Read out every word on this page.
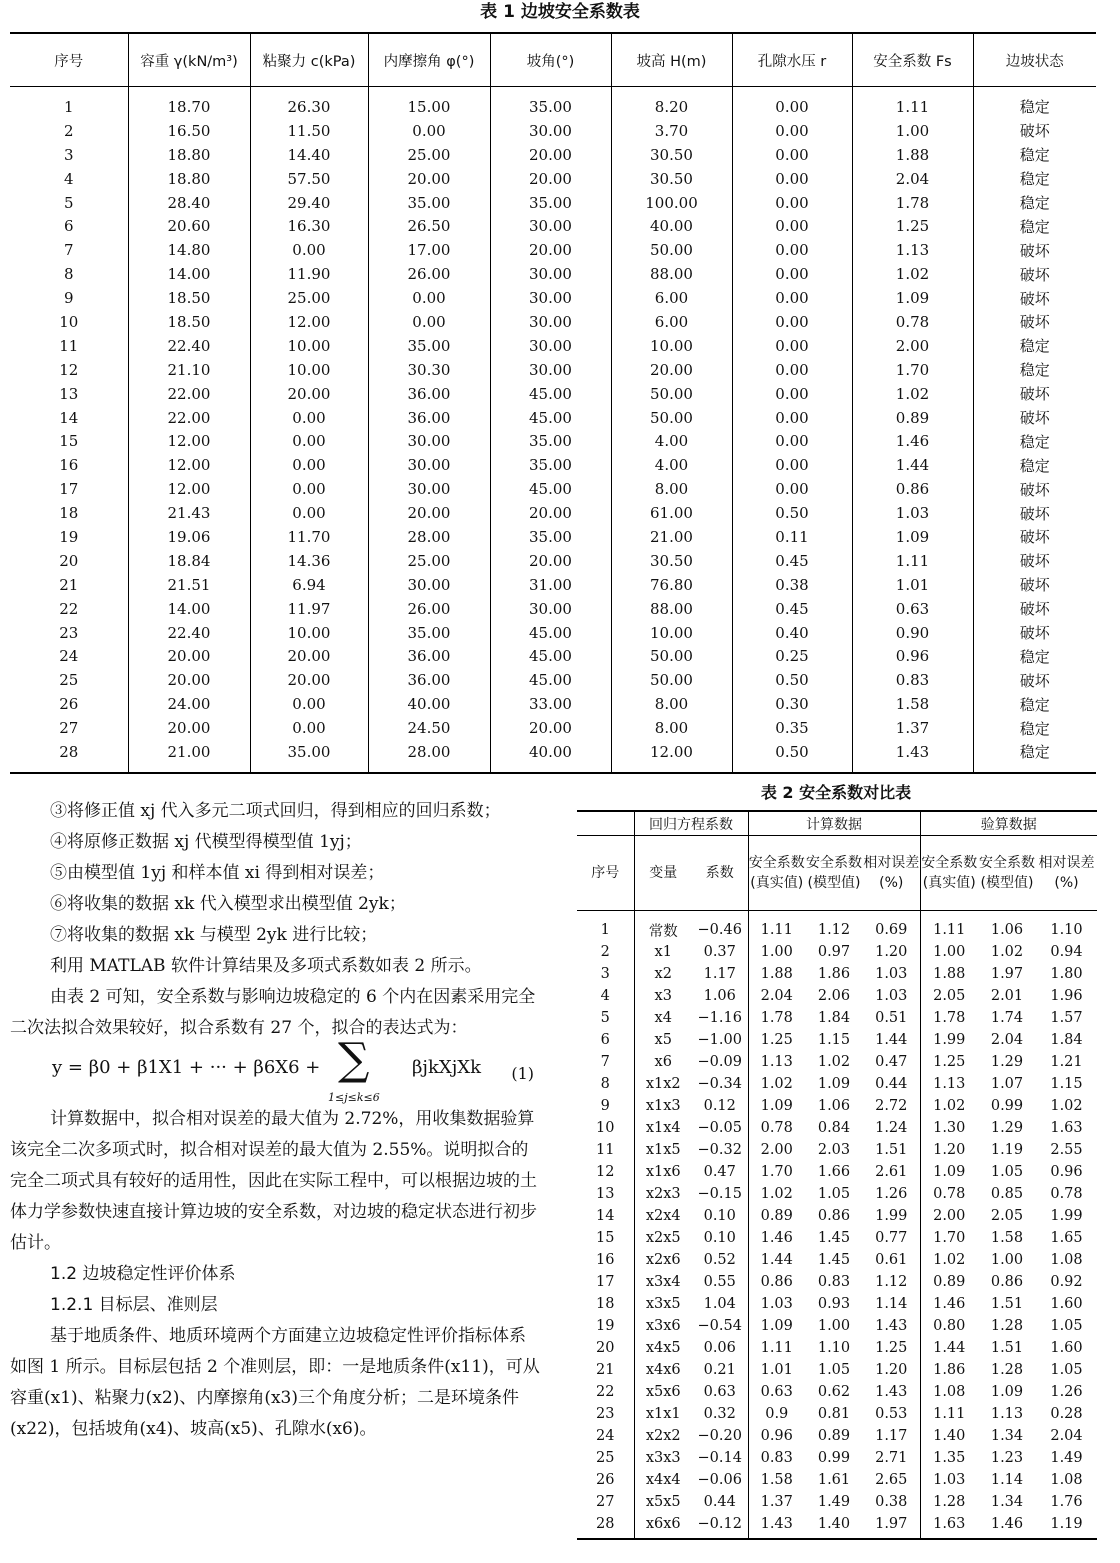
表 1 边坡安全系数表
序号	容重 γ(kN/m³)	粘聚力 c(kPa)	内摩擦角 φ(°)	坡角(°)	坡高 H(m)	孔隙水压 r	安全系数 Fs	边坡状态
1	18.70	26.30	15.00	35.00	8.20	0.00	1.11	稳定
2	16.50	11.50	0.00	30.00	3.70	0.00	1.00	破坏
3	18.80	14.40	25.00	20.00	30.50	0.00	1.88	稳定
4	18.80	57.50	20.00	20.00	30.50	0.00	2.04	稳定
5	28.40	29.40	35.00	35.00	100.00	0.00	1.78	稳定
6	20.60	16.30	26.50	30.00	40.00	0.00	1.25	稳定
7	14.80	0.00	17.00	20.00	50.00	0.00	1.13	破坏
8	14.00	11.90	26.00	30.00	88.00	0.00	1.02	破坏
9	18.50	25.00	0.00	30.00	6.00	0.00	1.09	破坏
10	18.50	12.00	0.00	30.00	6.00	0.00	0.78	破坏
11	22.40	10.00	35.00	30.00	10.00	0.00	2.00	稳定
12	21.10	10.00	30.30	30.00	20.00	0.00	1.70	稳定
13	22.00	20.00	36.00	45.00	50.00	0.00	1.02	破坏
14	22.00	0.00	36.00	45.00	50.00	0.00	0.89	破坏
15	12.00	0.00	30.00	35.00	4.00	0.00	1.46	稳定
16	12.00	0.00	30.00	35.00	4.00	0.00	1.44	稳定
17	12.00	0.00	30.00	45.00	8.00	0.00	0.86	破坏
18	21.43	0.00	20.00	20.00	61.00	0.50	1.03	破坏
19	19.06	11.70	28.00	35.00	21.00	0.11	1.09	破坏
20	18.84	14.36	25.00	20.00	30.50	0.45	1.11	破坏
21	21.51	6.94	30.00	31.00	76.80	0.38	1.01	破坏
22	14.00	11.97	26.00	30.00	88.00	0.45	0.63	破坏
23	22.40	10.00	35.00	45.00	10.00	0.40	0.90	破坏
24	20.00	20.00	36.00	45.00	50.00	0.25	0.96	稳定
25	20.00	20.00	36.00	45.00	50.00	0.50	0.83	破坏
26	24.00	0.00	40.00	33.00	8.00	0.30	1.58	稳定
27	20.00	0.00	24.50	20.00	8.00	0.35	1.37	稳定
28	21.00	35.00	28.00	40.00	12.00	0.50	1.43	稳定

③将修正值 xj 代入多元二项式回归，得到相应的回归系数；

④将原修正数据 xj 代模型得模型值 1yj；

⑤由模型值 1yj 和样本值 xi 得到相对误差；

⑥将收集的数据 xk 代入模型求出模型值 2yk；

⑦将收集的数据 xk 与模型 2yk 进行比较；

利用 MATLAB 软件计算结果及多项式系数如表 2 所示。

由表 2 可知，安全系数与影响边坡稳定的 6 个内在因素采用完全二次法拟合效果较好，拟合系数有 27 个，拟合的表达式为：

y = β0 + β1X1 + ··· + β6X6 + ∑
1≤j≤k≤6
βjkXjXk (1)

计算数据中，拟合相对误差的最大值为 2.72%，用收集数据验算该完全二次多项式时，拟合相对误差的最大值为 2.55%。说明拟合的完全二项式具有较好的适用性，因此在实际工程中，可以根据边坡的土体力学参数快速直接计算边坡的安全系数，对边坡的稳定状态进行初步估计。

1.2 边坡稳定性评价体系

1.2.1 目标层、准则层

基于地质条件、地质环境两个方面建立边坡稳定性评价指标体系如图 1 所示。目标层包括 2 个准则层，即：一是地质条件(x11)，可从容重(x1)、粘聚力(x2)、内摩擦角(x3)三个角度分析；二是环境条件(x22)，包括坡角(x4)、坡高(x5)、孔隙水(x6)。

表 2 安全系数对比表
	回归方程系数		计算数据			验算数据		
序号	变量	系数	安全系数(真实值)	安全系数(模型值)	相对误差(%)	安全系数(真实值)	安全系数(模型值)	相对误差(%)
1	常数	−0.46	1.11	1.12	0.69	1.11	1.06	1.10
2	x1	0.37	1.00	0.97	1.20	1.00	1.02	0.94
3	x2	1.17	1.88	1.86	1.03	1.88	1.97	1.80
4	x3	1.06	2.04	2.06	1.03	2.05	2.01	1.96
5	x4	−1.16	1.78	1.84	0.51	1.78	1.74	1.57
6	x5	−1.00	1.25	1.15	1.44	1.99	2.04	1.84
7	x6	−0.09	1.13	1.02	0.47	1.25	1.29	1.21
8	x1x2	−0.34	1.02	1.09	0.44	1.13	1.07	1.15
9	x1x3	0.12	1.09	1.06	2.72	1.02	0.99	1.02
10	x1x4	−0.05	0.78	0.84	1.24	1.30	1.29	1.63
11	x1x5	−0.32	2.00	2.03	1.51	1.20	1.19	2.55
12	x1x6	0.47	1.70	1.66	2.61	1.09	1.05	0.96
13	x2x3	−0.15	1.02	1.05	1.26	0.78	0.85	0.78
14	x2x4	0.10	0.89	0.86	1.99	2.00	2.05	1.99
15	x2x5	0.10	1.46	1.45	0.77	1.70	1.58	1.65
16	x2x6	0.52	1.44	1.45	0.61	1.02	1.00	1.08
17	x3x4	0.55	0.86	0.83	1.12	0.89	0.86	0.92
18	x3x5	1.04	1.03	0.93	1.14	1.46	1.51	1.60
19	x3x6	−0.54	1.09	1.00	1.43	0.80	1.28	1.05
20	x4x5	0.06	1.11	1.10	1.25	1.44	1.51	1.60
21	x4x6	0.21	1.01	1.05	1.20	1.86	1.28	1.05
22	x5x6	0.63	0.63	0.62	1.43	1.08	1.09	1.26
23	x1x1	0.32	0.9	0.81	0.53	1.11	1.13	0.28
24	x2x2	−0.20	0.96	0.89	1.17	1.40	1.34	2.04
25	x3x3	−0.14	0.83	0.99	2.71	1.35	1.23	1.49
26	x4x4	−0.06	1.58	1.61	2.65	1.03	1.14	1.08
27	x5x5	0.44	1.37	1.49	0.38	1.28	1.34	1.76
28	x6x6	−0.12	1.43	1.40	1.97	1.63	1.46	1.19
